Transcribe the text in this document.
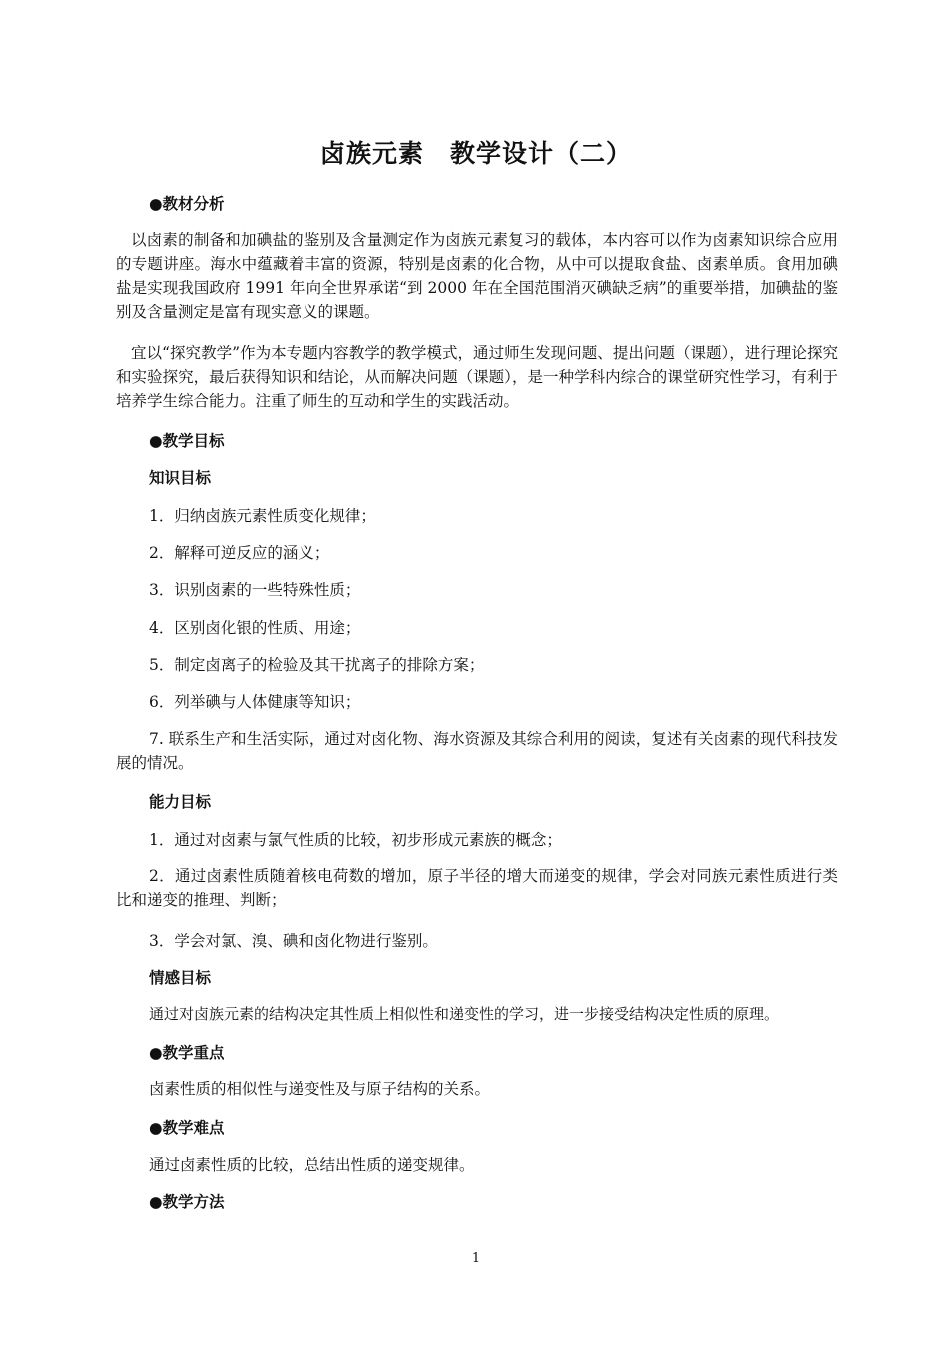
卤族元素　教学设计（二）
●教材分析
以卤素的制备和加碘盐的鉴别及含量测定作为卤族元素复习的载体，本内容可以作为卤素知识综合应用的专题讲座。海水中蕴藏着丰富的资源，特别是卤素的化合物，从中可以提取食盐、卤素单质。食用加碘盐是实现我国政府 1991 年向全世界承诺“到 2000 年在全国范围消灭碘缺乏病”的重要举措，加碘盐的鉴别及含量测定是富有现实意义的课题。
宜以“探究教学”作为本专题内容教学的教学模式，通过师生发现问题、提出问题（课题），进行理论探究和实验探究，最后获得知识和结论，从而解决问题（课题），是一种学科内综合的课堂研究性学习，有利于培养学生综合能力。注重了师生的互动和学生的实践活动。
●教学目标
知识目标
1．归纳卤族元素性质变化规律；
2．解释可逆反应的涵义；
3．识别卤素的一些特殊性质；
4．区别卤化银的性质、用途；
5．制定卤离子的检验及其干扰离子的排除方案；
6．列举碘与人体健康等知识；
7. 联系生产和生活实际，通过对卤化物、海水资源及其综合利用的阅读，复述有关卤素的现代科技发展的情况。
能力目标
1．通过对卤素与氯气性质的比较，初步形成元素族的概念；
2．通过卤素性质随着核电荷数的增加，原子半径的增大而递变的规律，学会对同族元素性质进行类比和递变的推理、判断；
3．学会对氯、溴、碘和卤化物进行鉴别。
情感目标
通过对卤族元素的结构决定其性质上相似性和递变性的学习，进一步接受结构决定性质的原理。
●教学重点
卤素性质的相似性与递变性及与原子结构的关系。
●教学难点
通过卤素性质的比较，总结出性质的递变规律。
●教学方法
1
